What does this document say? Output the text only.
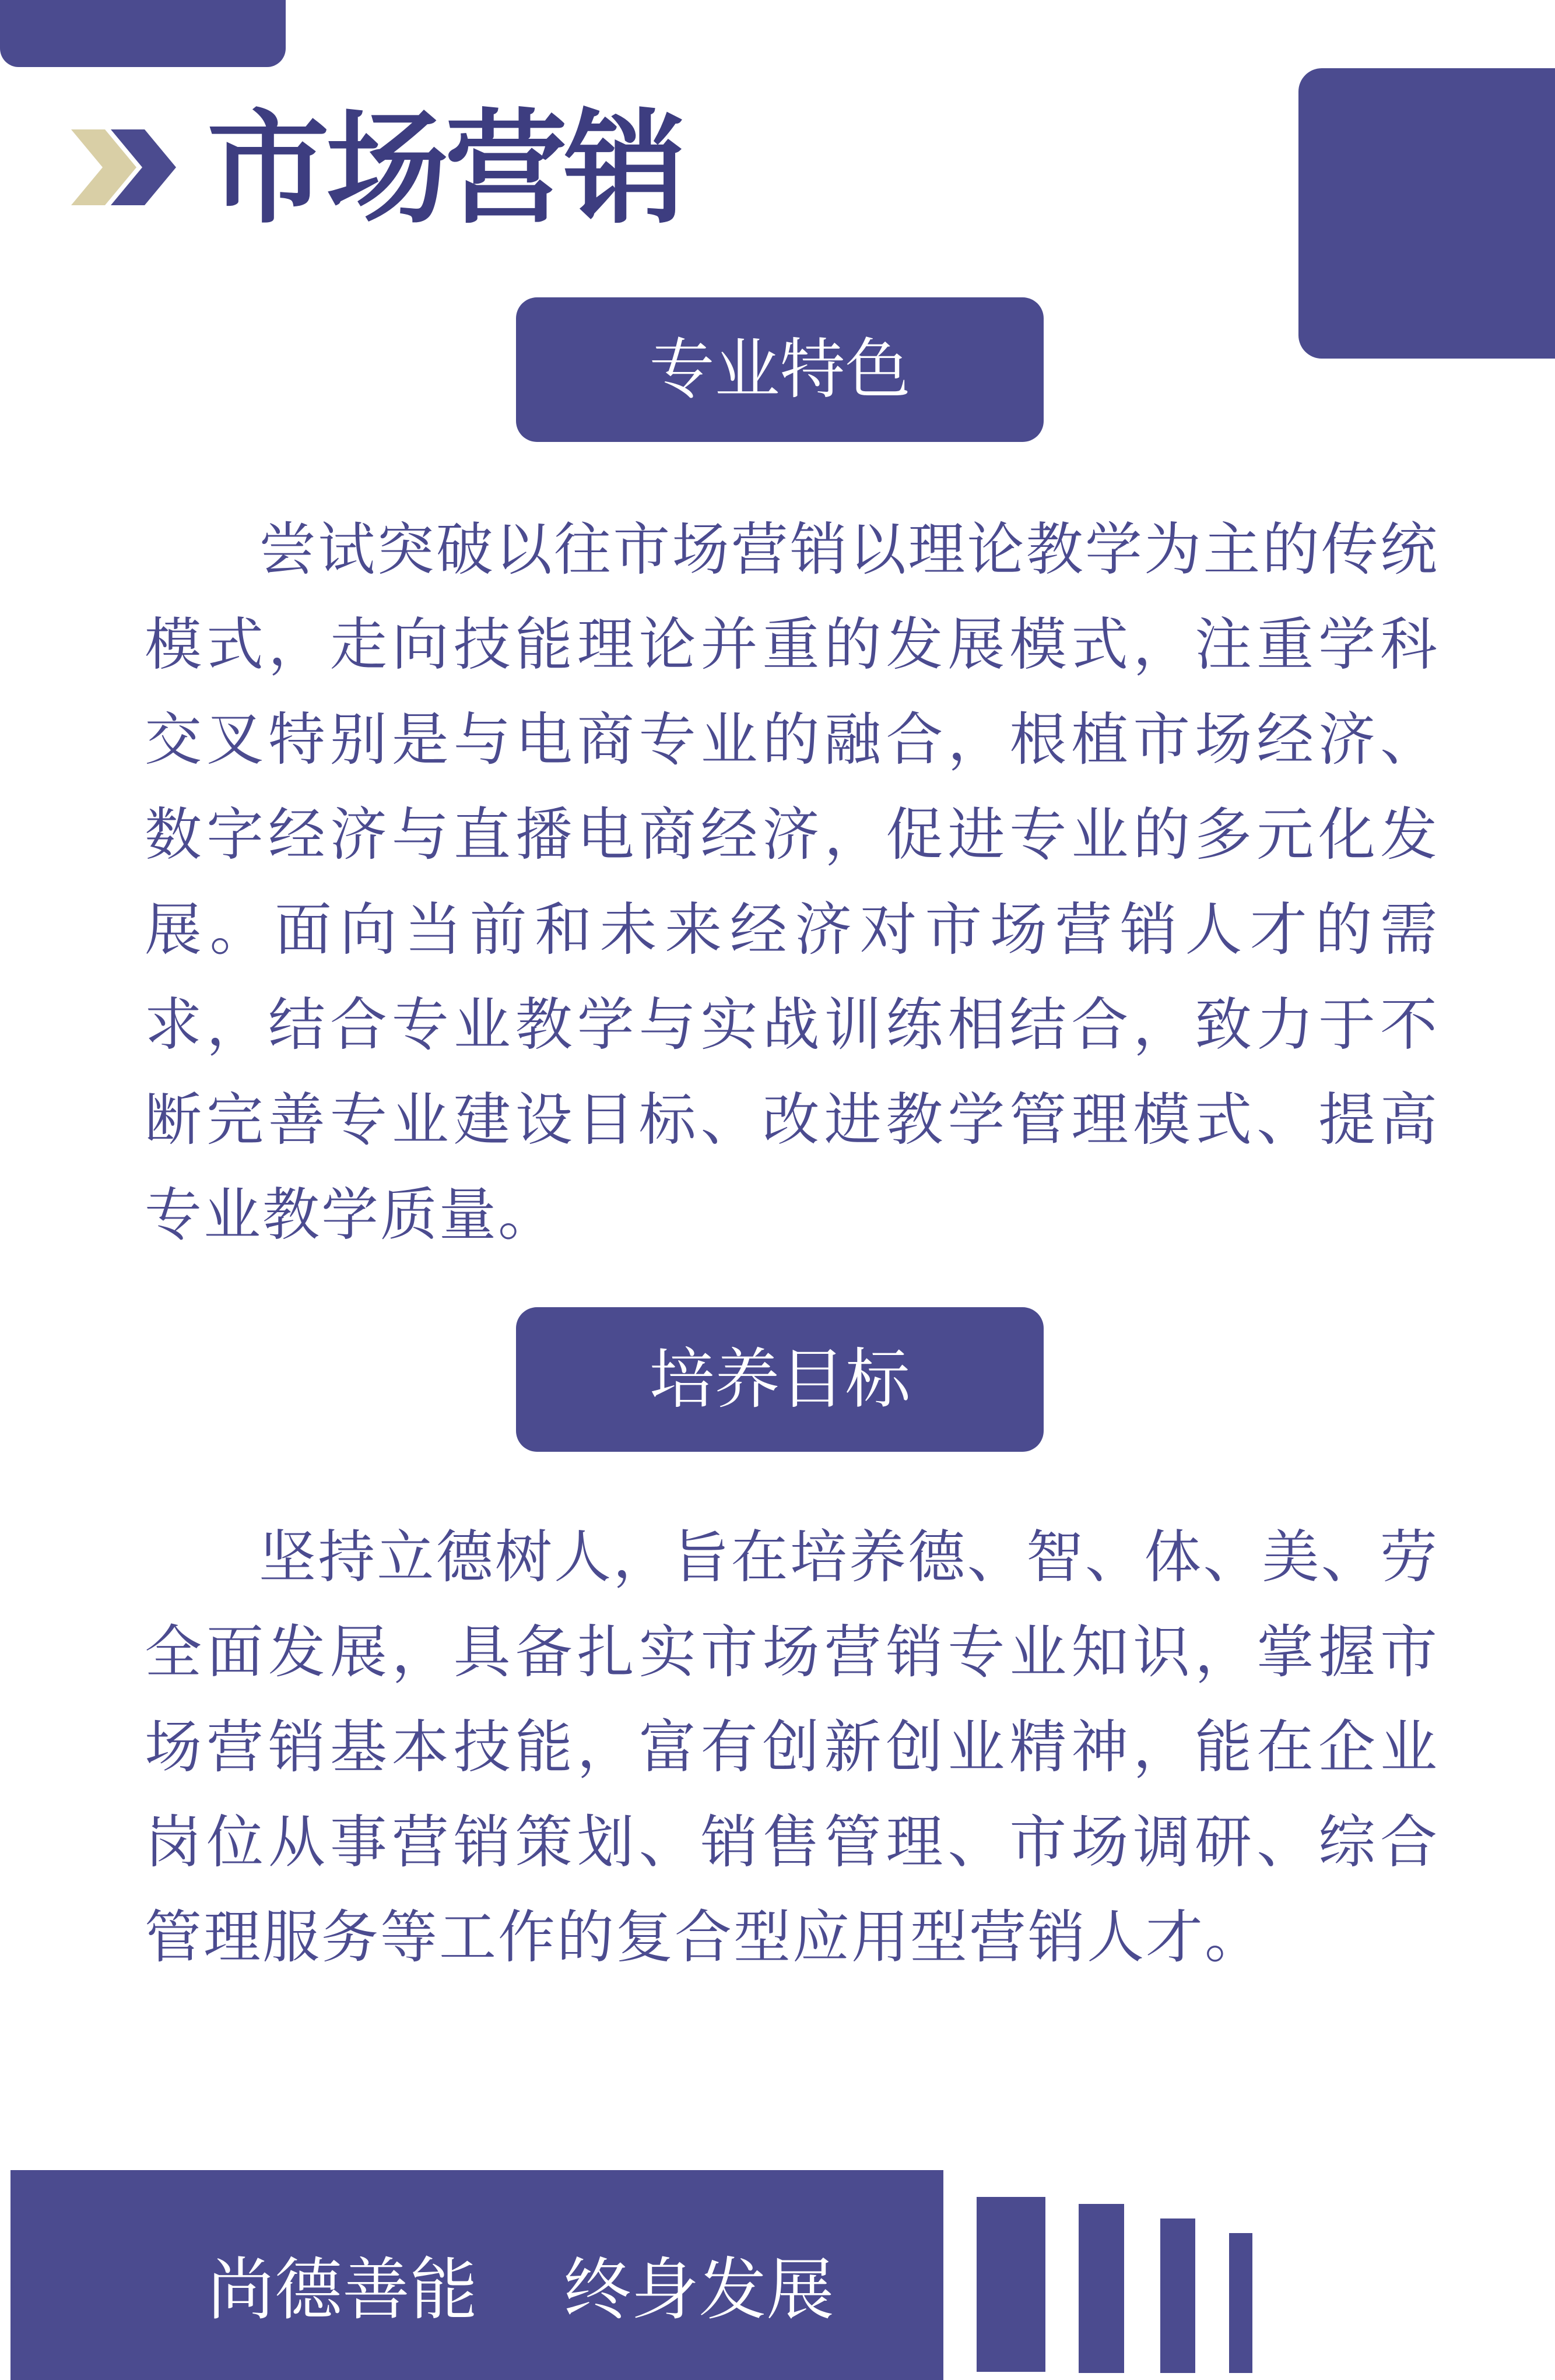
市场营销
专业特色

尝试突破以往市场营销以理论教学为主的传统模式，走向技能理论并重的发展模式，注重学科交叉特别是与电商专业的融合，根植市场经济、数字经济与直播电商经济，促进专业的多元化发展。面向当前和未来经济对市场营销人才的需求，结合专业教学与实战训练相结合，致力于不断完善专业建设目标、改进教学管理模式、提高专业教学质量。

培养目标

坚持立德树人，旨在培养德、智、体、美、劳全面发展，具备扎实市场营销专业知识，掌握市场营销基本技能，富有创新创业精神，能在企业岗位从事营销策划、销售管理、市场调研、综合管理服务等工作的复合型应用型营销人才。

尚德善能    终身发展
